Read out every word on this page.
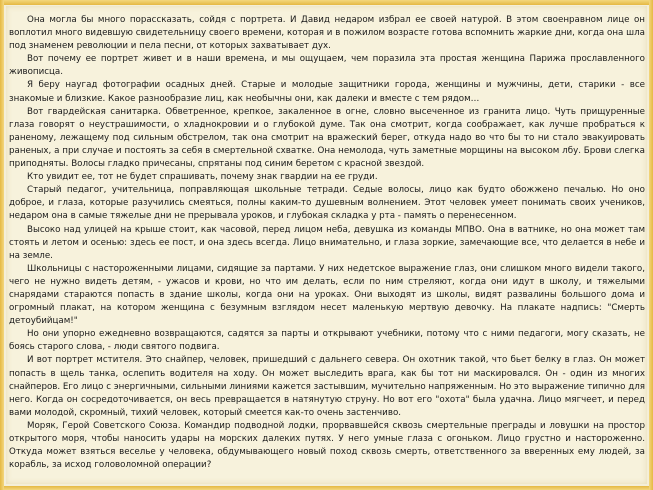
Она могла бы много порассказать, сойдя с портрета. И Давид недаром избрал ее своей натурой. В этом своенравном лице он воплотил много видевшую свидетельницу своего времени, которая и в пожилом возрасте готова вспомнить жаркие дни, когда она шла под знаменем революции и пела песни, от которых захватывает дух.

Вот почему ее портрет живет и в наши времена, и мы ощущаем, чем поразила эта простая женщина Парижа прославленного живописца.

Я беру наугад фотографии осадных дней. Старые и молодые защитники города, женщины и мужчины, дети, старики - все знакомые и близкие. Какое разнообразие лиц, как необычны они, как далеки и вместе с тем рядом…

Вот гвардейская санитарка. Обветренное, крепкое, закаленное в огне, словно высеченное из гранита лицо. Чуть прищуренные глаза говорят о неустрашимости, о хладнокровии и о глубокой думе. Так она смотрит, когда соображает, как лучше пробраться к раненому, лежащему под сильным обстрелом, так она смотрит на вражеский берег, откуда надо во что бы то ни стало эвакуировать раненых, а при случае и постоять за себя в смертельной схватке. Она немолода, чуть заметные морщины на высоком лбу. Брови слегка приподняты. Волосы гладко причесаны, спрятаны под синим беретом с красной звездой.

Кто увидит ее, тот не будет спрашивать, почему знак гвардии на ее груди.

Старый педагог, учительница, поправляющая школьные тетради. Седые волосы, лицо как будто обожжено печалью. Но оно доброе, и глаза, которые разучились смеяться, полны каким-то душевным волнением. Этот человек умеет понимать своих учеников, недаром она в самые тяжелые дни не прерывала уроков, и глубокая складка у рта - память о перенесенном.

Высоко над улицей на крыше стоит, как часовой, перед лицом неба, девушка из команды МПВО. Она в ватнике, но она может там стоять и летом и осенью: здесь ее пост, и она здесь всегда. Лицо внимательно, и глаза зоркие, замечающие все, что делается в небе и на земле.

Школьницы с настороженными лицами, сидящие за партами. У них недетское выражение глаз, они слишком много видели такого, чего не нужно видеть детям, - ужасов и крови, но что им делать, если по ним стреляют, когда они идут в школу, и тяжелыми снарядами стараются попасть в здание школы, когда они на уроках. Они выходят из школы, видят развалины большого дома и огромный плакат, на котором женщина с безумным взглядом несет маленькую мертвую девочку. На плакате надпись: "Смерть детоубийцам!"

Но они упорно ежедневно возвращаются, садятся за парты и открывают учебники, потому что с ними педагоги, могу сказать, не боясь старого слова, - люди святого подвига.

И вот портрет мстителя. Это снайпер, человек, пришедший с дальнего севера. Он охотник такой, что бьет белку в глаз. Он может попасть в щель танка, ослепить водителя на ходу. Он может выследить врага, как бы тот ни маскировался. Он - один из многих снайперов. Его лицо с энергичными, сильными линиями кажется застывшим, мучительно напряженным. Но это выражение типично для него. Когда он сосредоточивается, он весь превращается в натянутую струну. Но вот его "охота" была удачна. Лицо мягчеет, и перед вами молодой, скромный, тихий человек, который смеется как-то очень застенчиво.

Моряк, Герой Советского Союза. Командир подводной лодки, прорвавшейся сквозь смертельные преграды и ловушки на простор открытого моря, чтобы наносить удары на морских далеких путях. У него умные глаза с огоньком. Лицо грустно и настороженно. Откуда может взяться веселье у человека, обдумывающего новый поход сквозь смерть, ответственного за вверенных ему людей, за корабль, за исход головоломной операции?
